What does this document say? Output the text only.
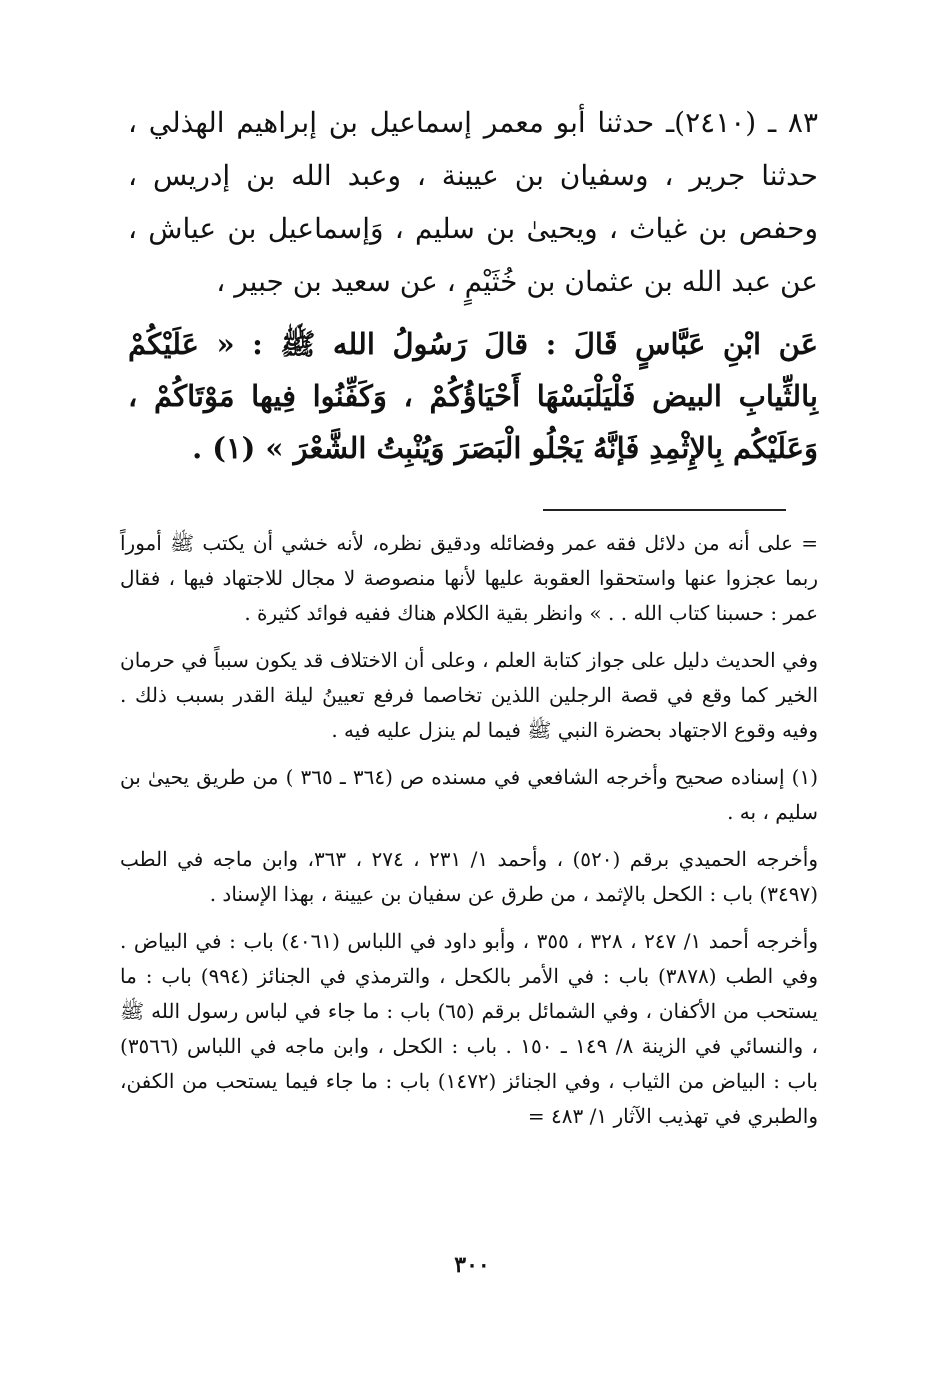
٨٣ ـ (٢٤١٠)ـ حدثنا أبو معمر إسماعيل بن إبراهيم الهذلي ، حدثنا جرير ، وسفيان بن عيينة ، وعبد الله بن إدريس ، وحفص بن غياث ، ويحيىٰ بن سليم ، وَإسماعيل بن عياش ، عن عبد الله بن عثمان بن خُثَيْمٍ ، عن سعيد بن جبير ،

عَن ابْنِ عَبَّاسٍ قَالَ : قالَ رَسُولُ الله ﷺ : « عَلَيْكُمْ بِالثِّيابِ البيض فَلْيَلْبَسْهَا أَحْيَاؤُكُمْ ، وَكَفِّنُوا فِيها مَوْتَاكُمْ ، وَعَلَيْكُم بِالإِثْمِدِ فَإنَّهُ يَجْلُو الْبَصَرَ وَيُنْبِتُ الشَّعْرَ » (١) .

= على أنه من دلائل فقه عمر وفضائله ودقيق نظره، لأنه خشي أن يكتب ﷺ أموراً ربما عجزوا عنها واستحقوا العقوبة عليها لأنها منصوصة لا مجال للاجتهاد فيها ، فقال عمر : حسبنا كتاب الله . . » وانظر بقية الكلام هناك ففيه فوائد كثيرة .

وفي الحديث دليل على جواز كتابة العلم ، وعلى أن الاختلاف قد يكون سبباً في حرمان الخير كما وقع في قصة الرجلين اللذين تخاصما فرفع تعيينُ ليلة القدر بسبب ذلك . وفيه وقوع الاجتهاد بحضرة النبي ﷺ فيما لم ينزل عليه فيه .

(١) إسناده صحيح وأخرجه الشافعي في مسنده ص (٣٦٤ ـ ٣٦٥ ) من طريق يحيىٰ بن سليم ، به .

وأخرجه الحميدي برقم (٥٢٠) ، وأحمد ١/ ٢٣١ ، ٢٧٤ ، ٣٦٣، وابن ماجه في الطب (٣٤٩٧) باب : الكحل بالإثمد ، من طرق عن سفيان بن عيينة ، بهذا الإسناد .

وأخرجه أحمد ١/ ٢٤٧ ، ٣٢٨ ، ٣٥٥ ، وأبو داود في اللباس (٤٠٦١) باب : في البياض . وفي الطب (٣٨٧٨) باب : في الأمر بالكحل ، والترمذي في الجنائز (٩٩٤) باب : ما يستحب من الأكفان ، وفي الشمائل برقم (٦٥) باب : ما جاء في لباس رسول الله ﷺ ، والنسائي في الزينة ٨/ ١٤٩ ـ ١٥٠ . باب : الكحل ، وابن ماجه في اللباس (٣٥٦٦) باب : البياض من الثياب ، وفي الجنائز (١٤٧٢) باب : ما جاء فيما يستحب من الكفن، والطبري في تهذيب الآثار ١/ ٤٨٣ =

٣٠٠
